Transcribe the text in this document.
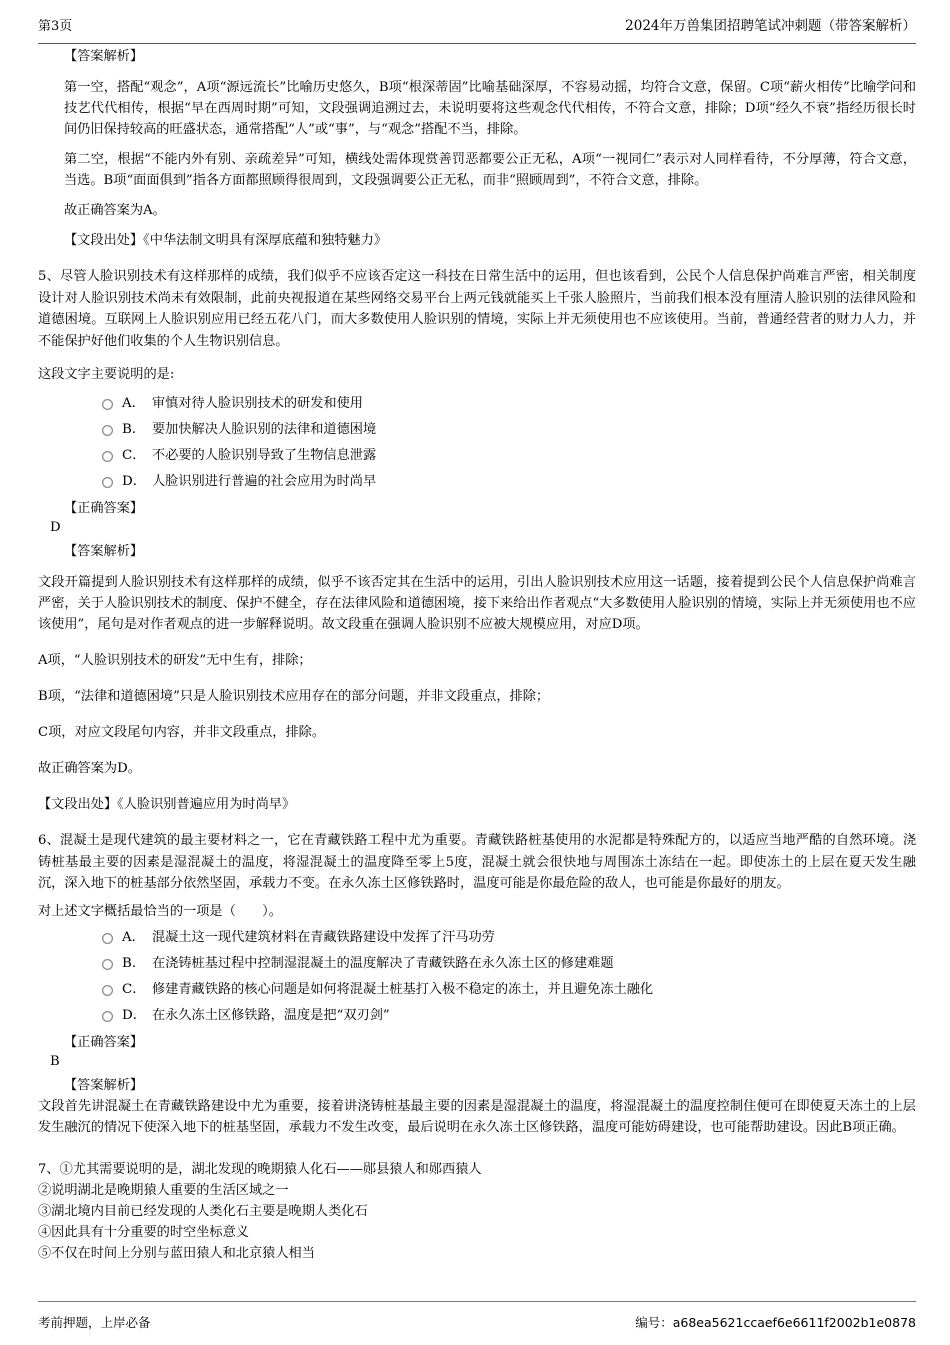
第3页	2024年万兽集团招聘笔试冲刺题（带答案解析）
【答案解析】
第一空，搭配“观念”，A项“源远流长”比喻历史悠久，B项“根深蒂固”比喻基础深厚，不容易动摇，均符合文意，保留。C项“薪火相传”比喻学问和技艺代代相传，根据“早在西周时期”可知，文段强调追溯过去，未说明要将这些观念代代相传，不符合文意，排除；D项“经久不衰”指经历很长时间仍旧保持较高的旺盛状态，通常搭配“人”或“事”，与“观念”搭配不当，排除。
第二空，根据“不能内外有别、亲疏差异”可知，横线处需体现赏善罚恶都要公正无私，A项“一视同仁”表示对人同样看待，不分厚薄，符合文意，当选。B项“面面俱到”指各方面都照顾得很周到，文段强调要公正无私，而非“照顾周到”，不符合文意，排除。
故正确答案为A。
【文段出处】《中华法制文明具有深厚底蕴和独特魅力》
5、尽管人脸识别技术有这样那样的成绩，我们似乎不应该否定这一科技在日常生活中的运用，但也该看到，公民个人信息保护尚难言严密，相关制度设计对人脸识别技术尚未有效限制，此前央视报道在某些网络交易平台上两元钱就能买上千张人脸照片，当前我们根本没有厘清人脸识别的法律风险和道德困境。互联网上人脸识别应用已经五花八门，而大多数使用人脸识别的情境，实际上并无须使用也不应该使用。当前，普通经营者的财力人力，并不能保护好他们收集的个人生物识别信息。
这段文字主要说明的是:
A． 审慎对待人脸识别技术的研发和使用
B． 要加快解决人脸识别的法律和道德困境
C． 不必要的人脸识别导致了生物信息泄露
D． 人脸识别进行普遍的社会应用为时尚早
【正确答案】
D
【答案解析】
文段开篇提到人脸识别技术有这样那样的成绩，似乎不该否定其在生活中的运用，引出人脸识别技术应用这一话题，接着提到公民个人信息保护尚难言严密，关于人脸识别技术的制度、保护不健全，存在法律风险和道德困境，接下来给出作者观点“大多数使用人脸识别的情境，实际上并无须使用也不应该使用”，尾句是对作者观点的进一步解释说明。故文段重在强调人脸识别不应被大规模应用，对应D项。
A项，“人脸识别技术的研发”无中生有，排除；
B项，“法律和道德困境”只是人脸识别技术应用存在的部分问题，并非文段重点，排除；
C项，对应文段尾句内容，并非文段重点，排除。
故正确答案为D。
【文段出处】《人脸识别普遍应用为时尚早》
6、混凝土是现代建筑的最主要材料之一，它在青藏铁路工程中尤为重要。青藏铁路桩基使用的水泥都是特殊配方的，以适应当地严酷的自然环境。浇铸桩基最主要的因素是湿混凝土的温度，将湿混凝土的温度降至零上5度，混凝土就会很快地与周围冻土冻结在一起。即使冻土的上层在夏天发生融沉，深入地下的桩基部分依然坚固，承载力不变。在永久冻土区修铁路时，温度可能是你最危险的敌人，也可能是你最好的朋友。
对上述文字概括最恰当的一项是（　　）。
A． 混凝土这一现代建筑材料在青藏铁路建设中发挥了汗马功劳
B． 在浇铸桩基过程中控制湿混凝土的温度解决了青藏铁路在永久冻土区的修建难题
C． 修建青藏铁路的核心问题是如何将混凝土桩基打入极不稳定的冻土，并且避免冻土融化
D． 在永久冻土区修铁路，温度是把“双刃剑”
【正确答案】
B
【答案解析】
文段首先讲混凝土在青藏铁路建设中尤为重要，接着讲浇铸桩基最主要的因素是湿混凝土的温度，将湿混凝土的温度控制住便可在即使夏天冻土的上层发生融沉的情况下使深入地下的桩基坚固，承载力不发生改变，最后说明在永久冻土区修铁路，温度可能妨碍建设，也可能帮助建设。因此B项正确。
7、①尤其需要说明的是，湖北发现的晚期猿人化石——郧县猿人和郧西猿人
②说明湖北是晚期猿人重要的生活区域之一
③湖北境内目前已经发现的人类化石主要是晚期人类化石
④因此具有十分重要的时空坐标意义
⑤不仅在时间上分别与蓝田猿人和北京猿人相当
考前押题，上岸必备	编号：a68ea5621ccaef6e6611f2002b1e0878
